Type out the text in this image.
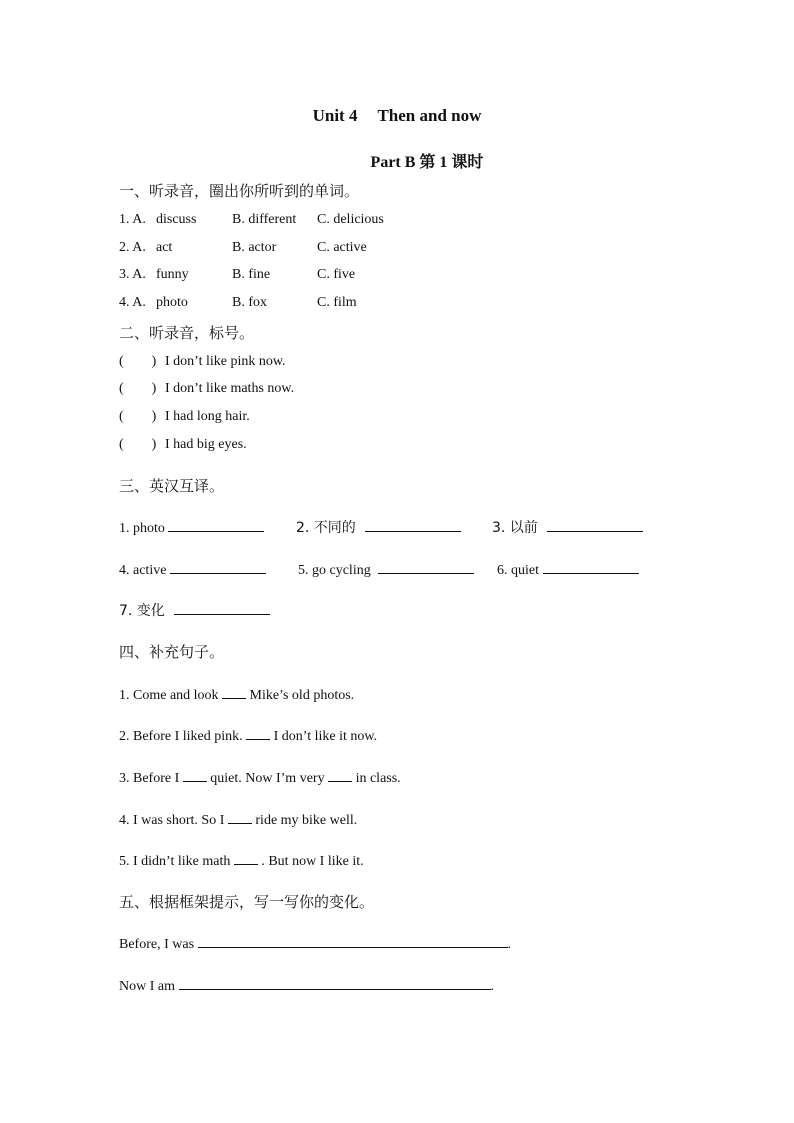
Unit 4 Then and now
Part B 第 1 课时
一、听录音，圈出你所听到的单词。
1. A. discuss	B. different C. delicious
2. A. act	B. actor	C. active
3. A. funny	B. fine	C. five
4. A. photo	B. fox	C. film
二、听录音，标号。
(        ) I don’t like pink now.
(        ) I don’t like maths now.
(        ) I had long hair.
(        ) I had big eyes.
三、英汉互译。
1. photo	2. 不同的	3. 以前
4. active	5. go cycling	6. quiet
7. 变化
四、补充句子。
1. Come and look Mike’s old photos.
2. Before I liked pink. I don’t like it now.
3. Before I quiet. Now I’m very in class.
4. I was short. So I ride my bike well.
5. I didn’t like math . But now I like it.
五、根据框架提示，写一写你的变化。
Before, I was	.
Now I am	.
